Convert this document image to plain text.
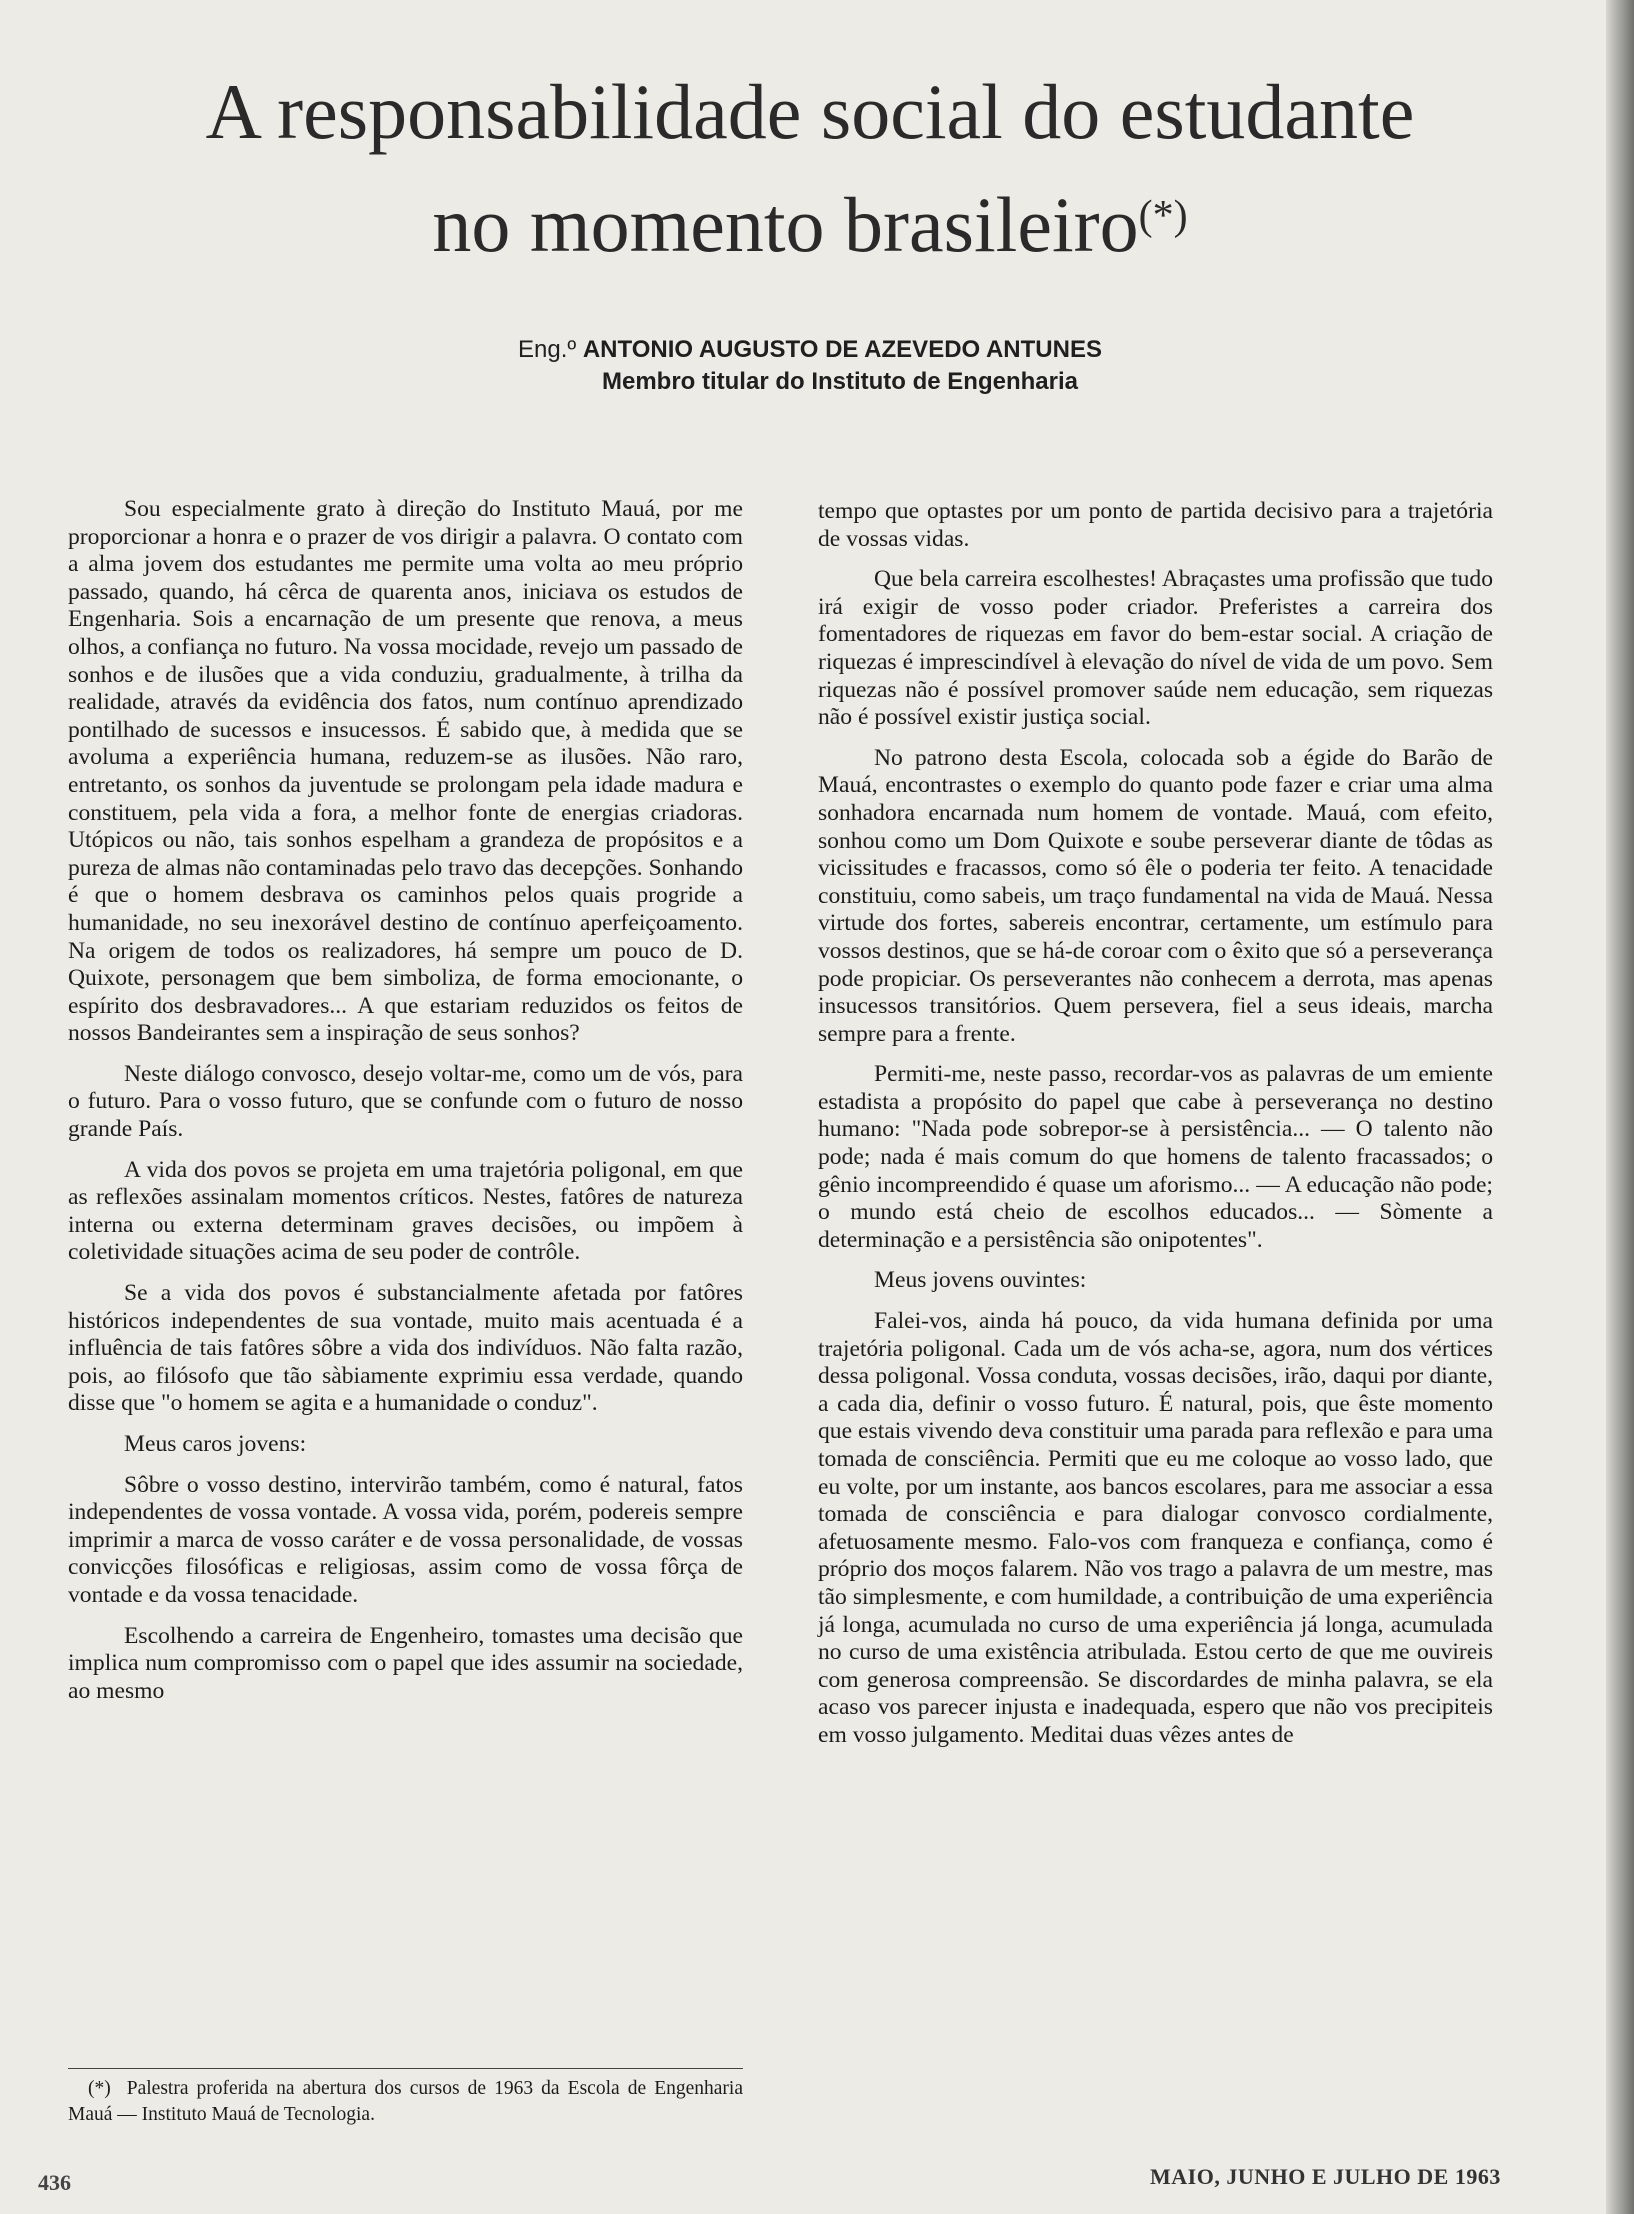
A responsabilidade social do estudante
no momento brasileiro(*)
Eng.º ANTONIO AUGUSTO DE AZEVEDO ANTUNES
Membro titular do Instituto de Engenharia

Sou especialmente grato à direção do Instituto Mauá, por me proporcionar a honra e o prazer de vos dirigir a palavra. O contato com a alma jovem dos estudantes me permite uma volta ao meu próprio passado, quando, há cêrca de quarenta anos, iniciava os estudos de Engenharia. Sois a encarnação de um presente que renova, a meus olhos, a confiança no futuro. Na vossa mocidade, revejo um passado de sonhos e de ilusões que a vida conduziu, gradualmente, à trilha da realidade, através da evidência dos fatos, num contínuo aprendizado pontilhado de sucessos e insucessos. É sabido que, à medida que se avoluma a experiência humana, reduzem-se as ilusões. Não raro, entretanto, os sonhos da juventude se prolongam pela idade madura e constituem, pela vida a fora, a melhor fonte de energias criadoras. Utópicos ou não, tais sonhos espelham a grandeza de propósitos e a pureza de almas não contaminadas pelo travo das decepções. Sonhando é que o homem desbrava os caminhos pelos quais progride a humanidade, no seu inexorável destino de contínuo aperfeiçoamento. Na origem de todos os realizadores, há sempre um pouco de D. Quixote, personagem que bem simboliza, de forma emocionante, o espírito dos desbravadores... A que estariam reduzidos os feitos de nossos Bandeirantes sem a inspiração de seus sonhos?

Neste diálogo convosco, desejo voltar-me, como um de vós, para o futuro. Para o vosso futuro, que se confunde com o futuro de nosso grande País.

A vida dos povos se projeta em uma trajetória poligonal, em que as reflexões assinalam momentos críticos. Nestes, fatôres de natureza interna ou externa determinam graves decisões, ou impõem à coletividade situações acima de seu poder de contrôle.

Se a vida dos povos é substancialmente afetada por fatôres históricos independentes de sua vontade, muito mais acentuada é a influência de tais fatôres sôbre a vida dos indivíduos. Não falta razão, pois, ao filósofo que tão sàbiamente exprimiu essa verdade, quando disse que "o homem se agita e a humanidade o conduz".

Meus caros jovens:

Sôbre o vosso destino, intervirão também, como é natural, fatos independentes de vossa vontade. A vossa vida, porém, podereis sempre imprimir a marca de vosso caráter e de vossa personalidade, de vossas convicções filosóficas e religiosas, assim como de vossa fôrça de vontade e da vossa tenacidade.

Escolhendo a carreira de Engenheiro, tomastes uma decisão que implica num compromisso com o papel que ides assumir na sociedade, ao mesmo

tempo que optastes por um ponto de partida decisivo para a trajetória de vossas vidas.

Que bela carreira escolhestes! Abraçastes uma profissão que tudo irá exigir de vosso poder criador. Preferistes a carreira dos fomentadores de riquezas em favor do bem-estar social. A criação de riquezas é imprescindível à elevação do nível de vida de um povo. Sem riquezas não é possível promover saúde nem educação, sem riquezas não é possível existir justiça social.

No patrono desta Escola, colocada sob a égide do Barão de Mauá, encontrastes o exemplo do quanto pode fazer e criar uma alma sonhadora encarnada num homem de vontade. Mauá, com efeito, sonhou como um Dom Quixote e soube perseverar diante de tôdas as vicissitudes e fracassos, como só êle o poderia ter feito. A tenacidade constituiu, como sabeis, um traço fundamental na vida de Mauá. Nessa virtude dos fortes, sabereis encontrar, certamente, um estímulo para vossos destinos, que se há-de coroar com o êxito que só a perseverança pode propiciar. Os perseverantes não conhecem a derrota, mas apenas insucessos transitórios. Quem persevera, fiel a seus ideais, marcha sempre para a frente.

Permiti-me, neste passo, recordar-vos as palavras de um emiente estadista a propósito do papel que cabe à perseverança no destino humano: "Nada pode sobrepor-se à persistência... — O talento não pode; nada é mais comum do que homens de talento fracassados; o gênio incompreendido é quase um aforismo... — A educação não pode; o mundo está cheio de escolhos educados... — Sòmente a determinação e a persistência são onipotentes".

Meus jovens ouvintes:

Falei-vos, ainda há pouco, da vida humana definida por uma trajetória poligonal. Cada um de vós acha-se, agora, num dos vértices dessa poligonal. Vossa conduta, vossas decisões, irão, daqui por diante, a cada dia, definir o vosso futuro. É natural, pois, que êste momento que estais vivendo deva constituir uma parada para reflexão e para uma tomada de consciência. Permiti que eu me coloque ao vosso lado, que eu volte, por um instante, aos bancos escolares, para me associar a essa tomada de consciência e para dialogar convosco cordialmente, afetuosamente mesmo. Falo-vos com franqueza e confiança, como é próprio dos moços falarem. Não vos trago a palavra de um mestre, mas tão simplesmente, e com humildade, a contribuição de uma experiência já longa, acumulada no curso de uma experiência já longa, acumulada no curso de uma existência atribulada. Estou certo de que me ouvireis com generosa compreensão. Se discordardes de minha palavra, se ela acaso vos parecer injusta e inadequada, espero que não vos precipiteis em vosso julgamento. Meditai duas vêzes antes de

(*) Palestra proferida na abertura dos cursos de 1963 da Escola de Engenharia Mauá — Instituto Mauá de Tecnologia.
436	MAIO, JUNHO E JULHO DE 1963
